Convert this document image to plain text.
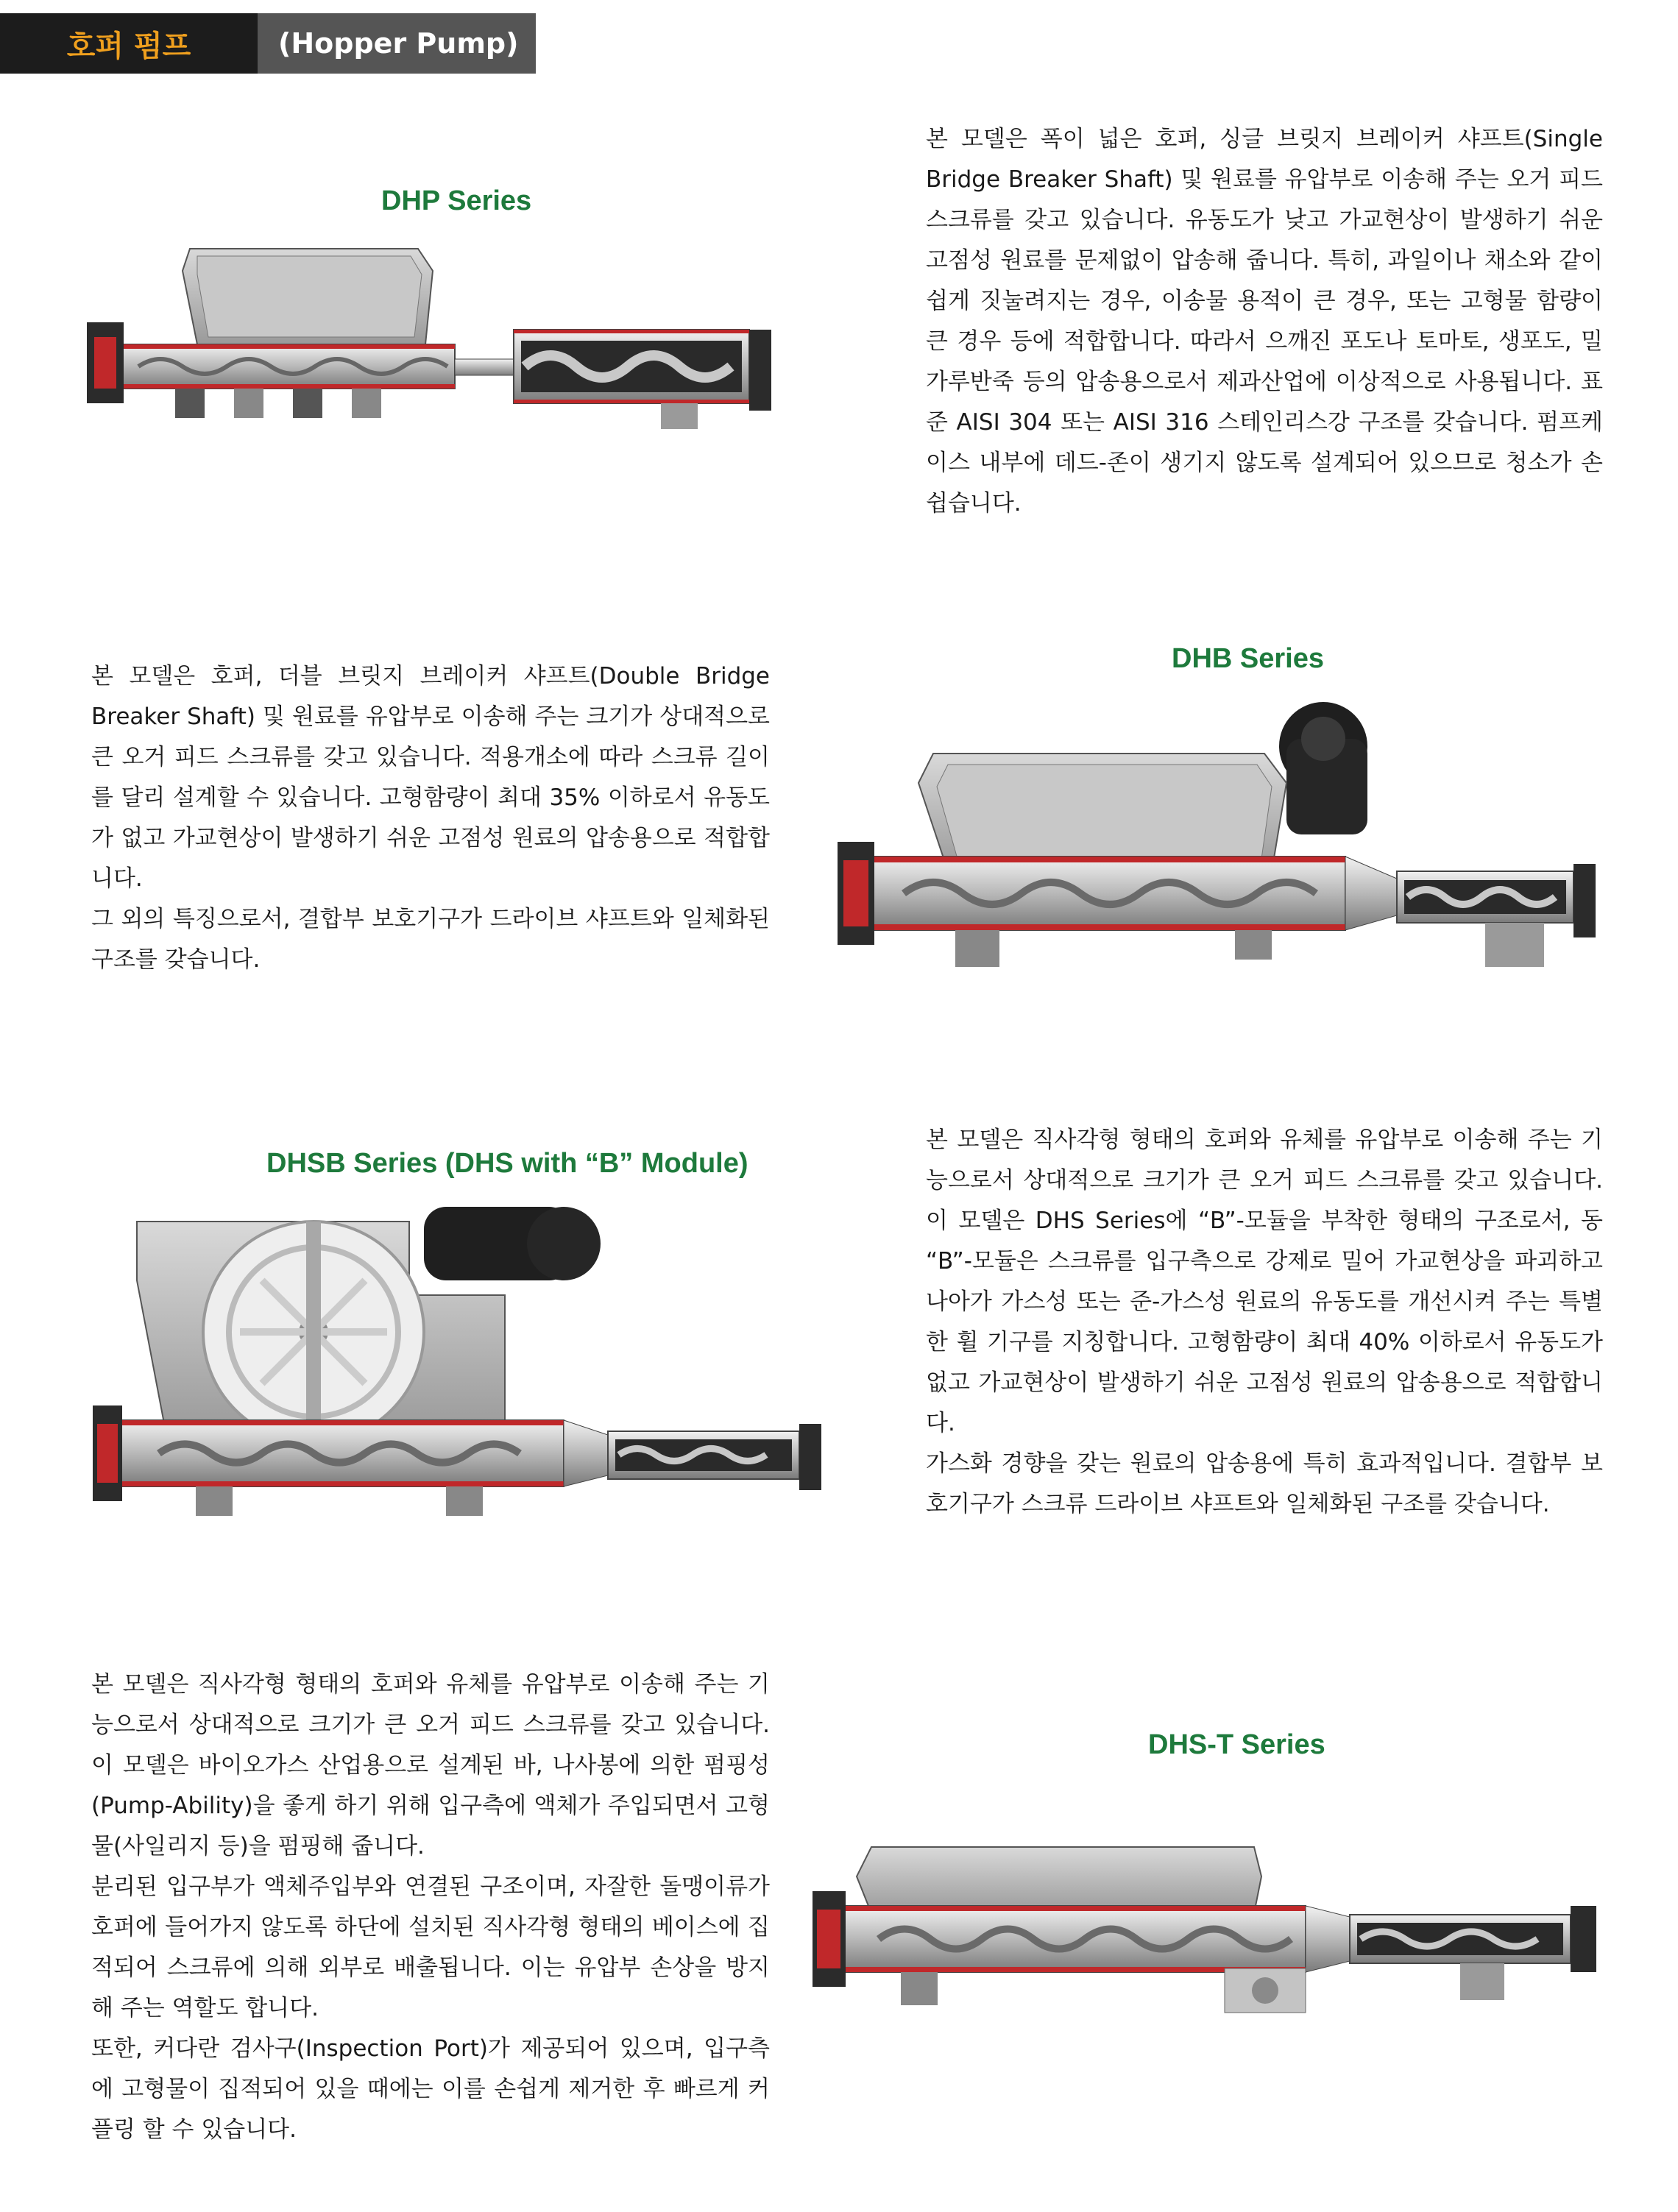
호퍼 펌프	(Hopper Pump)
DHP Series

본 모델은 폭이 넓은 호퍼, 싱글 브릿지 브레이커 샤프트(Single Bridge Breaker Shaft) 및 원료를 유압부로 이송해 주는 오거 피드 스크류를 갖고 있습니다. 유동도가 낮고 가교현상이 발생하기 쉬운 고점성 원료를 문제없이 압송해 줍니다. 특히, 과일이나 채소와 같이 쉽게 짓눌려지는 경우, 이송물 용적이 큰 경우, 또는 고형물 함량이 큰 경우 등에 적합합니다. 따라서 으깨진 포도나 토마토, 생포도, 밀가루반죽 등의 압송용으로서 제과산업에 이상적으로 사용됩니다. 표준 AISI 304 또는 AISI 316 스테인리스강 구조를 갖습니다. 펌프케이스 내부에 데드-존이 생기지 않도록 설계되어 있으므로 청소가 손쉽습니다.

DHB Series

본 모델은 호퍼, 더블 브릿지 브레이커 샤프트(Double Bridge Breaker Shaft) 및 원료를 유압부로 이송해 주는 크기가 상대적으로 큰 오거 피드 스크류를 갖고 있습니다. 적용개소에 따라 스크류 길이를 달리 설계할 수 있습니다. 고형함량이 최대 35% 이하로서 유동도가 없고 가교현상이 발생하기 쉬운 고점성 원료의 압송용으로 적합합니다.

그 외의 특징으로서, 결합부 보호기구가 드라이브 샤프트와 일체화된 구조를 갖습니다.

DHSB Series (DHS with “B” Module)

본 모델은 직사각형 형태의 호퍼와 유체를 유압부로 이송해 주는 기능으로서 상대적으로 크기가 큰 오거 피드 스크류를 갖고 있습니다. 이 모델은 DHS Series에 “B”-모듈을 부착한 형태의 구조로서, 동 “B”-모듈은 스크류를 입구측으로 강제로 밀어 가교현상을 파괴하고 나아가 가스성 또는 준-가스성 원료의 유동도를 개선시켜 주는 특별한 휠 기구를 지칭합니다. 고형함량이 최대 40% 이하로서 유동도가 없고 가교현상이 발생하기 쉬운 고점성 원료의 압송용으로 적합합니다.

가스화 경향을 갖는 원료의 압송용에 특히 효과적입니다. 결합부 보호기구가 스크류 드라이브 샤프트와 일체화된 구조를 갖습니다.

본 모델은 직사각형 형태의 호퍼와 유체를 유압부로 이송해 주는 기능으로서 상대적으로 크기가 큰 오거 피드 스크류를 갖고 있습니다. 이 모델은 바이오가스 산업용으로 설계된 바, 나사봉에 의한 펌핑성(Pump-Ability)을 좋게 하기 위해 입구측에 액체가 주입되면서 고형물(사일리지 등)을 펌핑해 줍니다.

분리된 입구부가 액체주입부와 연결된 구조이며, 자잘한 돌맹이류가 호퍼에 들어가지 않도록 하단에 설치된 직사각형 형태의 베이스에 집적되어 스크류에 의해 외부로 배출됩니다. 이는 유압부 손상을 방지해 주는 역할도 합니다.

또한, 커다란 검사구(Inspection Port)가 제공되어 있으며, 입구측에 고형물이 집적되어 있을 때에는 이를 손쉽게 제거한 후 빠르게 커플링 할 수 있습니다.

DHS-T Series
